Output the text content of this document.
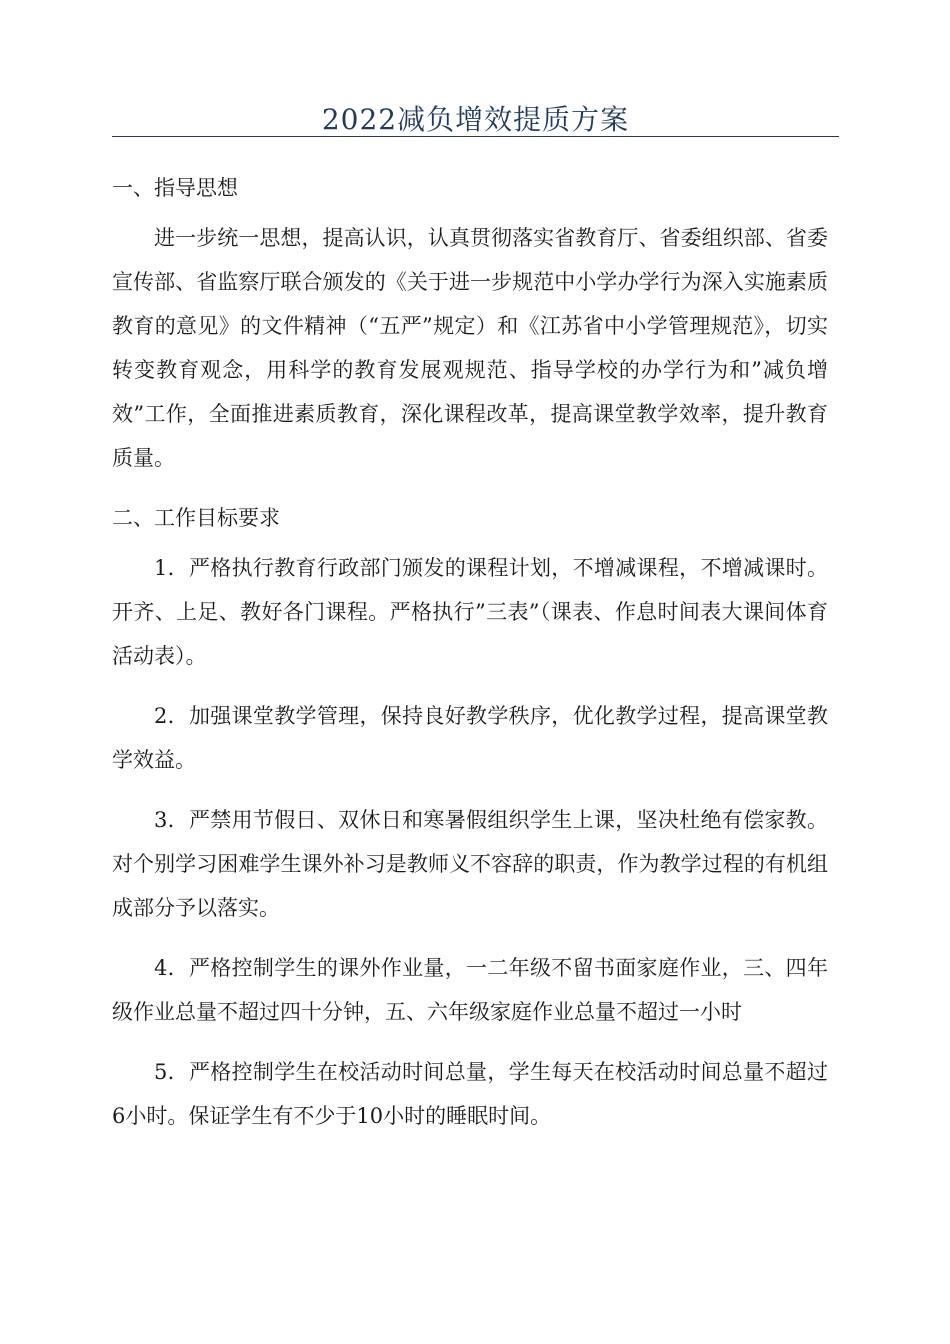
2022减负增效提质方案
一、指导思想

进一步统一思想，提高认识，认真贯彻落实省教育厅、省委组织部、省委宣传部、省监察厅联合颁发的《关于进一步规范中小学办学行为深入实施素质教育的意见》的文件精神（“五严”规定）和《江苏省中小学管理规范》，切实转变教育观念，用科学的教育发展观规范、指导学校的办学行为和”减负增效”工作，全面推进素质教育，深化课程改革，提高课堂教学效率，提升教育质量。

二、工作目标要求

1．严格执行教育行政部门颁发的课程计划，不增减课程，不增减课时。开齐、上足、教好各门课程。严格执行”三表”（课表、作息时间表大课间体育活动表）。

2．加强课堂教学管理，保持良好教学秩序，优化教学过程，提高课堂教学效益。

3．严禁用节假日、双休日和寒暑假组织学生上课，坚决杜绝有偿家教。对个别学习困难学生课外补习是教师义不容辞的职责，作为教学过程的有机组成部分予以落实。

4．严格控制学生的课外作业量，一二年级不留书面家庭作业，三、四年级作业总量不超过四十分钟，五、六年级家庭作业总量不超过一小时

5．严格控制学生在校活动时间总量，学生每天在校活动时间总量不超过6小时。保证学生有不少于10小时的睡眠时间。
